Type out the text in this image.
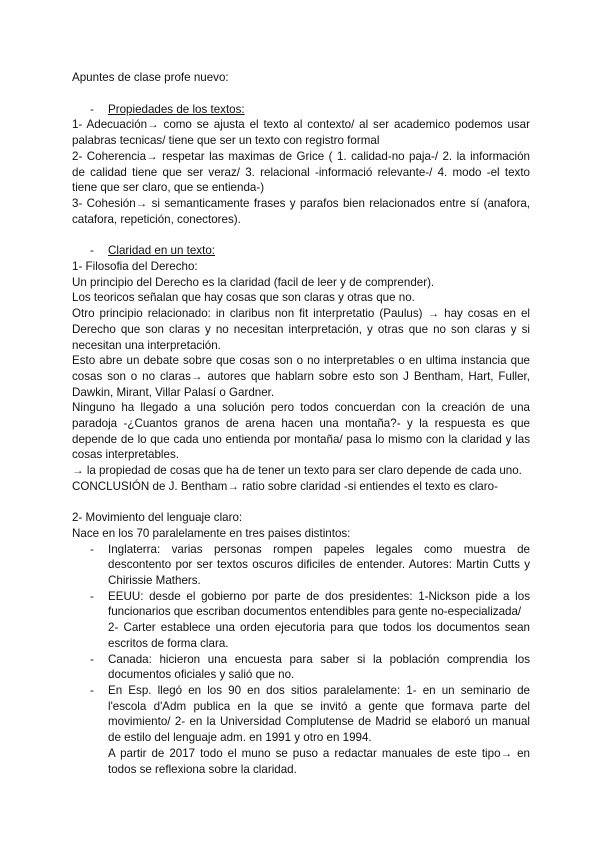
Apuntes de clase profe nuevo:

-	Propiedades de los textos:

1- Adecuación→ como se ajusta el texto al contexto/ al ser academico podemos usar palabras tecnicas/ tiene que ser un texto con registro formal

2- Coherencia→ respetar las maximas de Grice ( 1. calidad-no paja-/ 2. la información de calidad tiene que ser veraz/ 3. relacional -informació relevante-/ 4. modo -el texto tiene que ser claro, que se entienda-)

3- Cohesión→ si semanticamente frases y parafos bien relacionados entre sí (anafora, catafora, repetición, conectores).

-	Claridad en un texto:

1- Filosofia del Derecho:

Un principio del Derecho es la claridad (facil de leer y de comprender).

Los teoricos señalan que hay cosas que son claras y otras que no.

Otro principio relacionado: in claribus non fit interpretatio (Paulus) → hay cosas en el Derecho que son claras y no necesitan interpretación, y otras que no son claras y si necesitan una interpretación.

Esto abre un debate sobre que cosas son o no interpretables o en ultima instancia que cosas son o no claras→ autores que hablarn sobre esto son J Bentham, Hart, Fuller, Dawkin, Mirant, Villar Palasí o Gardner.

Ninguno ha llegado a una solución pero todos concuerdan con la creación de una paradoja -¿Cuantos granos de arena hacen una montaña?- y la respuesta es que depende de lo que cada uno entienda por montaña/ pasa lo mismo con la claridad y las cosas interpretables.

→ la propiedad de cosas que ha de tener un texto para ser claro depende de cada uno.

CONCLUSIÓN de J. Bentham→ ratio sobre claridad -si entiendes el texto es claro-

2- Movimiento del lenguaje claro:

Nace en los 70 paralelamente en tres paises distintos:

-	Inglaterra: varias personas rompen papeles legales como muestra de descontento por ser textos oscuros dificiles de entender. Autores: Martin Cutts y Chirissie Mathers.

-	EEUU: desde el gobierno por parte de dos presidentes: 1-Nickson pide a los funcionarios que escriban documentos entendibles para gente no-especializada/

2- Carter establece una orden ejecutoria para que todos los documentos sean escritos de forma clara.

-	Canada: hicieron una encuesta para saber si la población comprendia los documentos oficiales y salió que no.

-	En Esp. llegó en los 90 en dos sitios paralelamente: 1- en un seminario de l'escola d'Adm publica en la que se invitó a gente que formava parte del movimiento/ 2- en la Universidad Complutense de Madrid se elaboró un manual de estilo del lenguaje adm. en 1991 y otro en 1994.

A partir de 2017 todo el muno se puso a redactar manuales de este tipo→ en todos se reflexiona sobre la claridad.
